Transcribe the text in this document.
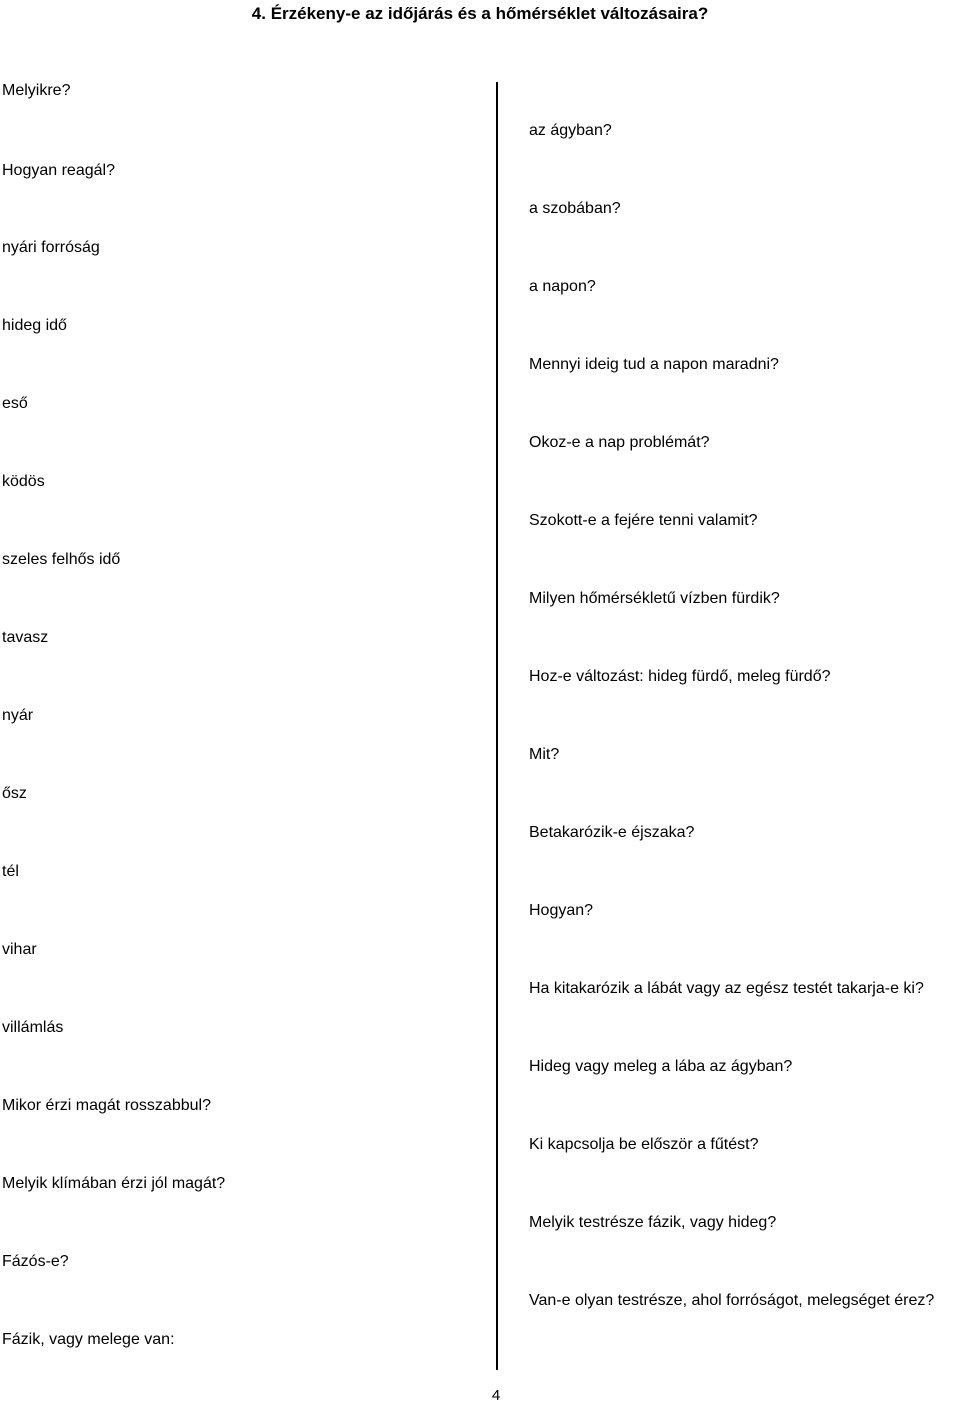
4. Érzékeny-e az időjárás és a hőmérséklet változásaira?
Melyikre?
Hogyan reagál?
nyári forróság
hideg idő
eső
ködös
szeles felhős idő
tavasz
nyár
ősz
tél
vihar
villámlás
Mikor érzi magát rosszabbul?
Melyik klímában érzi jól magát?
Fázós-e?
Fázik, vagy melege van:
az ágyban?
a szobában?
a napon?
Mennyi ideig tud a napon maradni?
Okoz-e a nap problémát?
Szokott-e a fejére tenni valamit?
Milyen hőmérsékletű vízben fürdik?
Hoz-e változást: hideg fürdő, meleg fürdő?
Mit?
Betakarózik-e éjszaka?
Hogyan?
Ha kitakarózik a lábát vagy az egész testét takarja-e ki?
Hideg vagy meleg a lába az ágyban?
Ki kapcsolja be először a fűtést?
Melyik testrésze fázik, vagy hideg?
Van-e olyan testrésze, ahol forróságot, melegséget érez?
4
